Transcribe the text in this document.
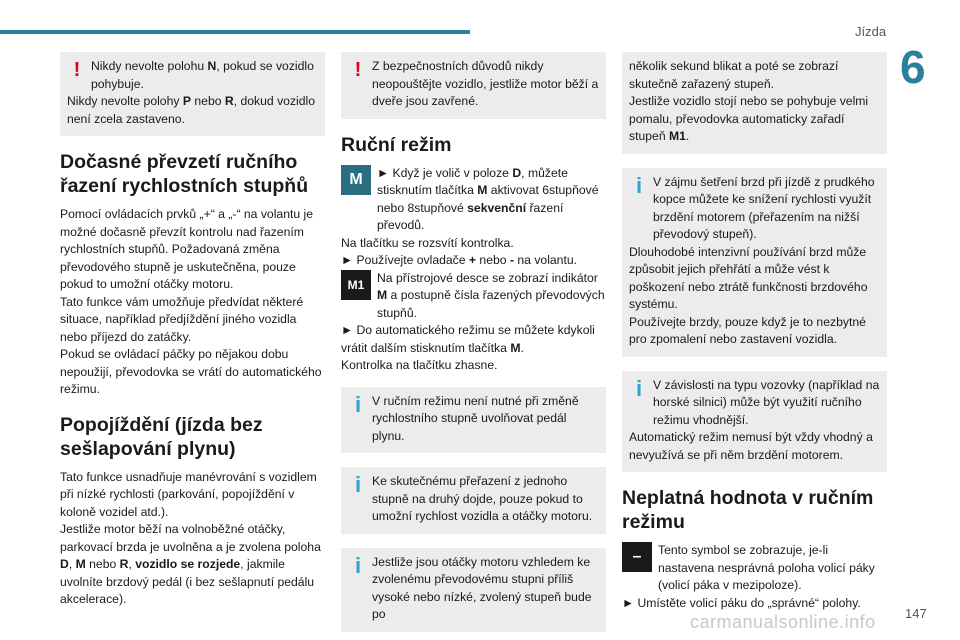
Jízda
6
! Nikdy nevolte polohu N, pokud se vozidlo pohybuje.

Nikdy nevolte polohy P nebo R, dokud vozidlo není zcela zastaveno.

Dočasné převzetí ručního řazení rychlostních stupňů

Pomocí ovládacích prvků „+“ a „-“ na volantu je možné dočasně převzít kontrolu nad řazením rychlostních stupňů. Požadovaná změna převodového stupně je uskutečněna, pouze pokud to umožní otáčky motoru.

Tato funkce vám umožňuje předvídat některé situace, například předjíždění jiného vozidla nebo příjezd do zatáčky.

Pokud se ovládací páčky po nějakou dobu nepoužijí, převodovka se vrátí do automatického režimu.

Popojíždění (jízda bez sešlapování plynu)

Tato funkce usnadňuje manévrování s vozidlem při nízké rychlosti (parkování, popojíždění v koloně vozidel atd.).

Jestliže motor běží na volnoběžné otáčky, parkovací brzda je uvolněna a je zvolena poloha D, M nebo R, vozidlo se rozjede, jakmile uvolníte brzdový pedál (i bez sešlapnutí pedálu akcelerace).

! Z bezpečnostních důvodů nikdy neopouštějte vozidlo, jestliže motor běží a dveře jsou zavřené.

Ruční režim
M	► Když je volič v poloze D, můžete stisknutím tlačítka M aktivovat 6stupňové nebo 8stupňové sekvenční řazení převodů.

Na tlačítku se rozsvítí kontrolka.

► Používejte ovladače + nebo - na volantu.

M1	Na přístrojové desce se zobrazí indikátor M a postupně čísla řazených převodových stupňů.

► Do automatického režimu se můžete kdykoli vrátit dalším stisknutím tlačítka M.

Kontrolka na tlačítku zhasne.

i V ručním režimu není nutné při změně rychlostního stupně uvolňovat pedál plynu.

i Ke skutečnému přeřazení z jednoho stupně na druhý dojde, pouze pokud to umožní rychlost vozidla a otáčky motoru.

i Jestliže jsou otáčky motoru vzhledem ke zvolenému převodovému stupni příliš vysoké nebo nízké, zvolený stupeň bude po

několik sekund blikat a poté se zobrazí skutečně zařazený stupeň.

Jestliže vozidlo stojí nebo se pohybuje velmi pomalu, převodovka automaticky zařadí stupeň M1.

i V zájmu šetření brzd při jízdě z prudkého kopce můžete ke snížení rychlosti využít brzdění motorem (přeřazením na nižší převodový stupeň).

Dlouhodobé intenzivní používání brzd může způsobit jejich přehřátí a může vést k poškození nebo ztrátě funkčnosti brzdového systému.

Používejte brzdy, pouze když je to nezbytné pro zpomalení nebo zastavení vozidla.

i V závislosti na typu vozovky (například na horské silnici) může být využití ručního režimu vhodnější.

Automatický režim nemusí být vždy vhodný a nevyužívá se při něm brzdění motorem.

Neplatná hodnota v ručním režimu
–	Tento symbol se zobrazuje, je-li nastavena nesprávná poloha volicí páky (volicí páka v mezipoloze).

► Umístěte volicí páku do „správné“ polohy.

carmanualsonline.info 147
